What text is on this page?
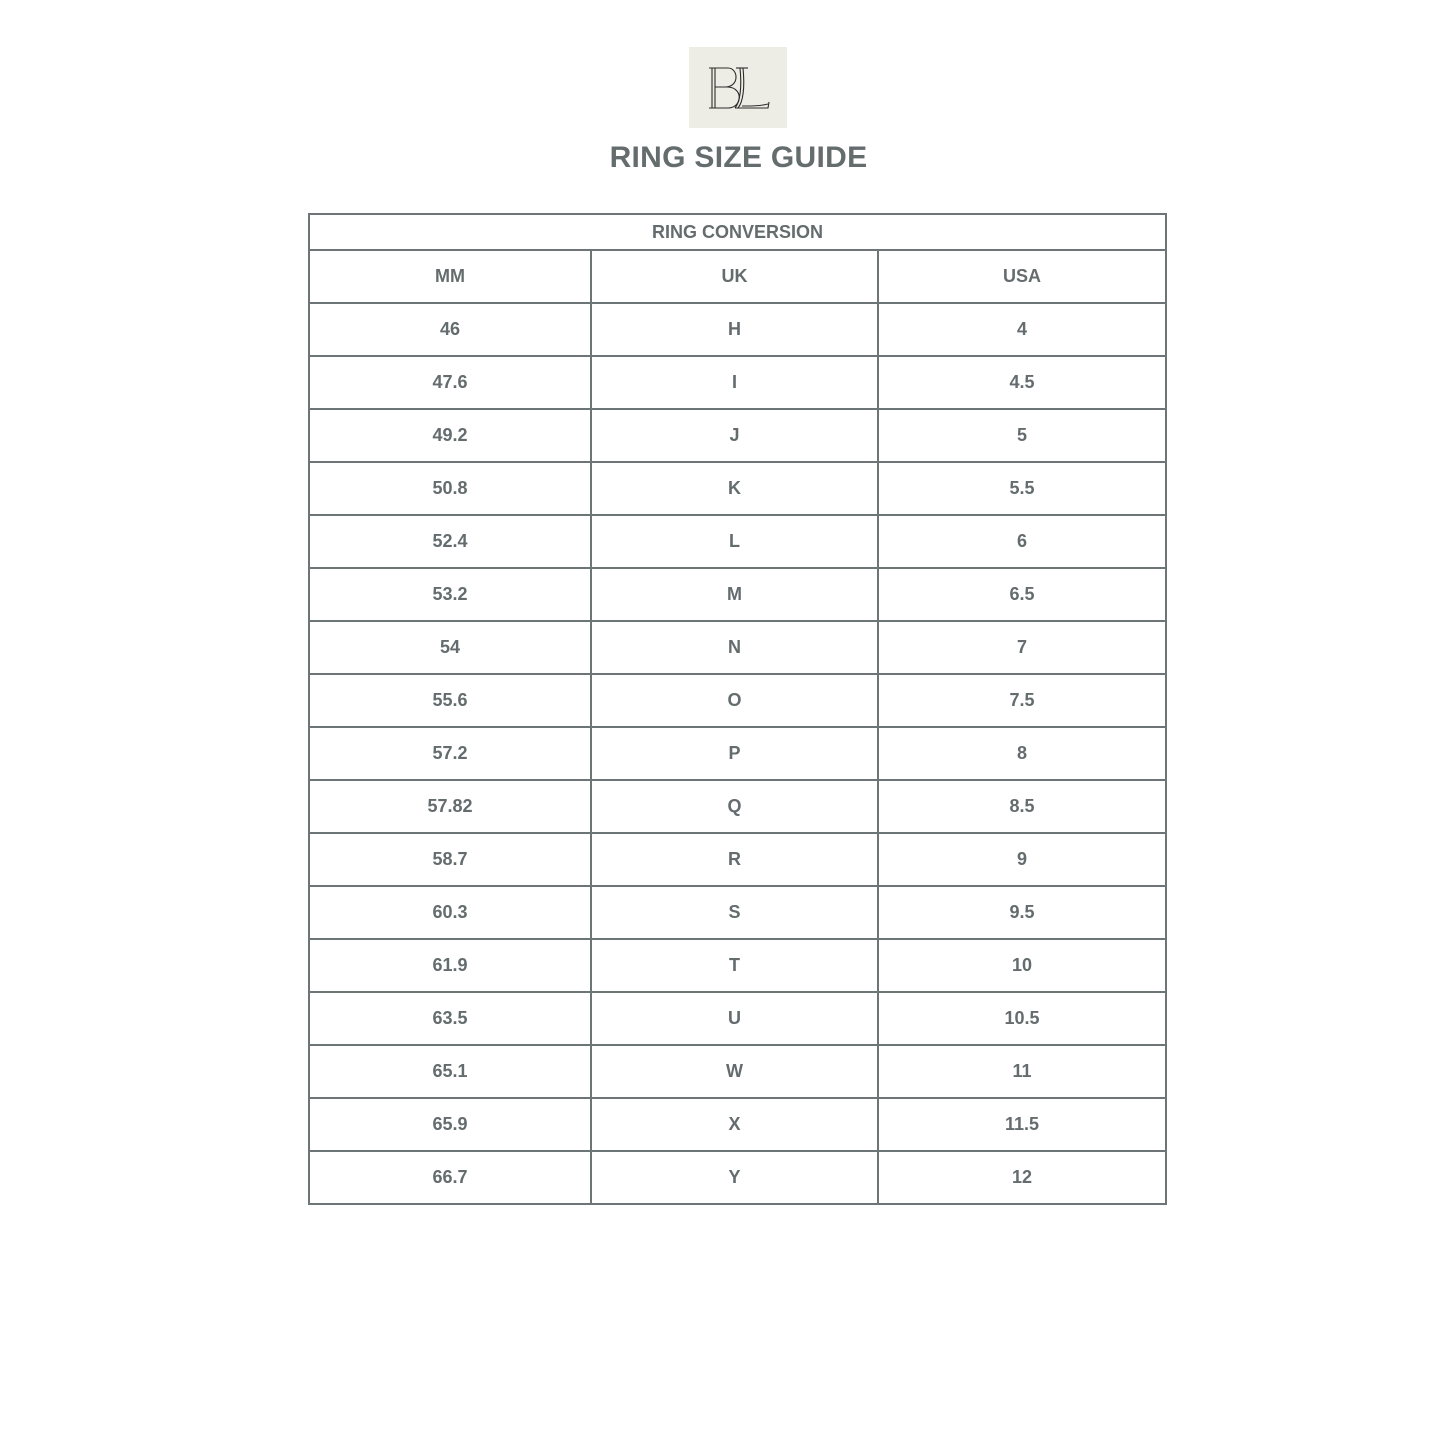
RING SIZE GUIDE
RING CONVERSION		
MM	UK	USA
46	H	4
47.6	I	4.5
49.2	J	5
50.8	K	5.5
52.4	L	6
53.2	M	6.5
54	N	7
55.6	O	7.5
57.2	P	8
57.82	Q	8.5
58.7	R	9
60.3	S	9.5
61.9	T	10
63.5	U	10.5
65.1	W	11
65.9	X	11.5
66.7	Y	12
